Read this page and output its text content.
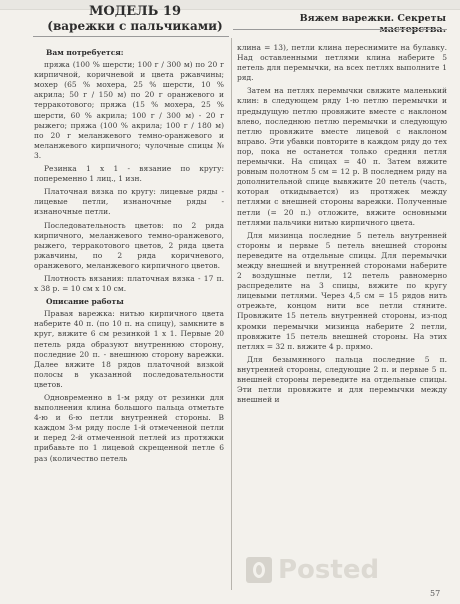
МОДЕЛЬ 19
(варежки с пальчиками)
Вяжем варежки. Секреты
Вам потребуется:

пряжа (100 % шерсти; 100 г / 300 м) по 20 г кирпичной, коричневой и цвета ржавчины; мохер (65 % мохера, 25 % шерсти, 10 % акрила; 50 г / 150 м) по 20 г оранжевого и терракотового; пряжа (15 % мохера, 25 % шерсти, 60 % акрила; 100 г / 300 м) - 20 г рыжего; пряжа (100 % акрила; 100 г / 180 м) по 20 г меланжевого темно-оранжевого и меланжевого кирпичного; чулочные спицы № 3.

Резинка 1 х 1 - вязание по кругу: попеременно 1 лиц., 1 изн.

Платочная вязка по кругу: лицевые ряды - лицевые петли, изнаночные ряды - изнаночные петли.

Последовательность цветов: по 2 ряда кирпичного, меланжевого темно-оранжевого, рыжего, терракотового цветов, 2 ряда цвета ржавчины, по 2 ряда коричневого, оранжевого, меланжевого кирпичного цветов.

Плотность вязания: платочная вязка - 17 п. х 38 р. = 10 см х 10 см.

Описание работы

Правая варежка: нитью кирпичного цвета наберите 40 п. (по 10 п. на спицу), замкните в круг, вяжите 6 см резинкой 1 х 1. Первые 20 петель ряда образуют внутреннюю сторону, последние 20 п. - внешнюю сторону варежки. Далее вяжите 18 рядов платочной вязкой полосы в указанной последовательности цветов.

Одновременно в 1-м ряду от резинки для выполнения клина большого пальца отметьте 4-ю и 6-ю петли внутренней стороны. В каждом 3-м ряду после 1-й отмеченной петли и перед 2-й отмеченной петлей из протяжки прибавьте по 1 лицевой скрещенной петле 6 раз (количество петель

клина = 13), петли клина переснимите на булавку. Над оставленными петлями клина наберите 5 петель для перемычки, на всех петлях выполните 1 ряд.

Затем на петлях перемычки свяжите маленький клин: в следующем ряду 1-ю петлю перемычки и предыдущую петлю провяжите вместе с наклоном влево, последнюю петлю перемычки и следующую петлю провяжите вместе лицевой с наклоном вправо. Эти убавки повторите в каждом ряду до тех пор, пока не останется только средняя петля перемычки. На спицах = 40 п. Затем вяжите ровным полотном 5 см = 12 р. В последнем ряду на дополнительной спице вывяжите 20 петель (часть, которая откидывается) из протяжек между петлями с внешней стороны варежки. Полученные петли (= 20 п.) отложите, вяжите основными петлями пальчики нитью кирпичного цвета.

Для мизинца последние 5 петель внутренней стороны и первые 5 петель внешней стороны переведите на отдельные спицы. Для перемычки между внешней и внутренней сторонами наберите 2 воздушные петли, 12 петель равномерно распределите на 3 спицы, вяжите по кругу лицевыми петлями. Через 4,5 см = 15 рядов нить отрежьте, концом нити все петли стяните. Провяжите 15 петель внутренней стороны, из-под кромки перемычки мизинца наберите 2 петли, провяжите 15 петель внешней стороны. На этих петлях = 32 п. вяжите 4 р. прямо.

Для безымянного пальца последние 5 п. внутренней стороны, следующие 2 п. и первые 5 п. внешней стороны переведите на отдельные спицы. Эти петли провяжите и для перемычки между внешней и

Posted
57
